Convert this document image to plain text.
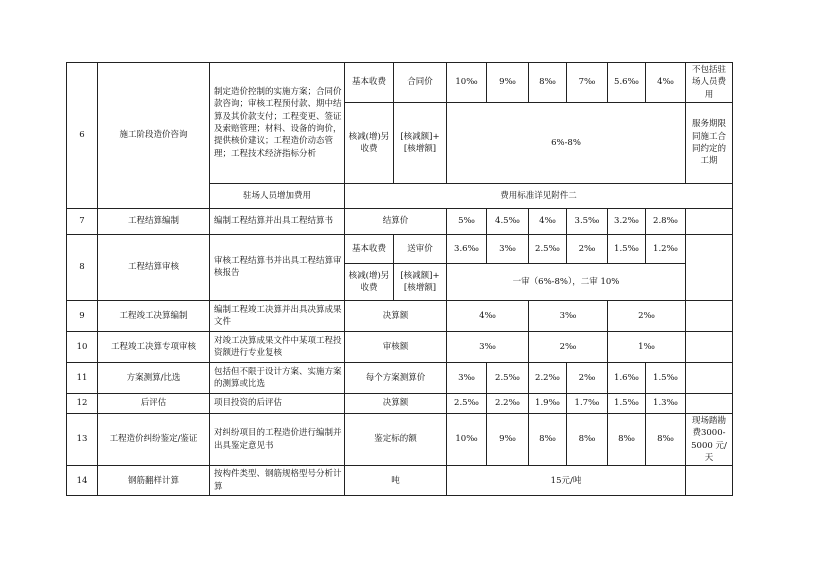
6	施工阶段造价咨询	制定造价控制的实施方案；合同价款咨询；审核工程预付款、期中结算及其价款支付；工程变更、签证及索赔管理；材料、设备的询价，提供核价建议；工程造价动态管理；工程技术经济指标分析	基本收费	合同价	10‰	9‰	8‰	7‰	5.6‰	4‰	不包括驻场人员费用
			核减(增)另收费	[核减额]+[核增额]	6%-8%						服务期限同施工合同约定的工期
		驻场人员增加费用	费用标准详见附件二								
7	工程结算编制	编制工程结算并出具工程结算书	结算价		5‰	4.5‰	4‰	3.5‰	3.2‰	2.8‰	
8	工程结算审核	审核工程结算书并出具工程结算审核报告	基本收费	送审价	3.6‰	3‰	2.5‰	2‰	1.5‰	1.2‰	
			核减(增)另收费	[核减额]+[核增额]	一审（6%-8%），二审 10%						
9	工程竣工决算编制	编制工程竣工决算并出具决算成果文件	决算额		4‰		3‰		2‰		
10	工程竣工决算专项审核	对竣工决算成果文件中某项工程投资额进行专业复核	审核额		3‰		2‰		1‰		
11	方案测算/比选	包括但不限于设计方案、实施方案的测算或比选	每个方案测算价		3‰	2.5‰	2.2‰	2‰	1.6‰	1.5‰	
12	后评估	项目投资的后评估	决算额		2.5‰	2.2‰	1.9‰	1.7‰	1.5‰	1.3‰	
13	工程造价纠纷鉴定/鉴证	对纠纷项目的工程造价进行编制并出具鉴定意见书	鉴定标的额		10‰	9‰	8‰	8‰	8‰	8‰	现场踏勘费3000-5000 元/天
14	钢筋翻样计算	按构件类型、钢筋规格型号分析计算	吨		15元/吨						
